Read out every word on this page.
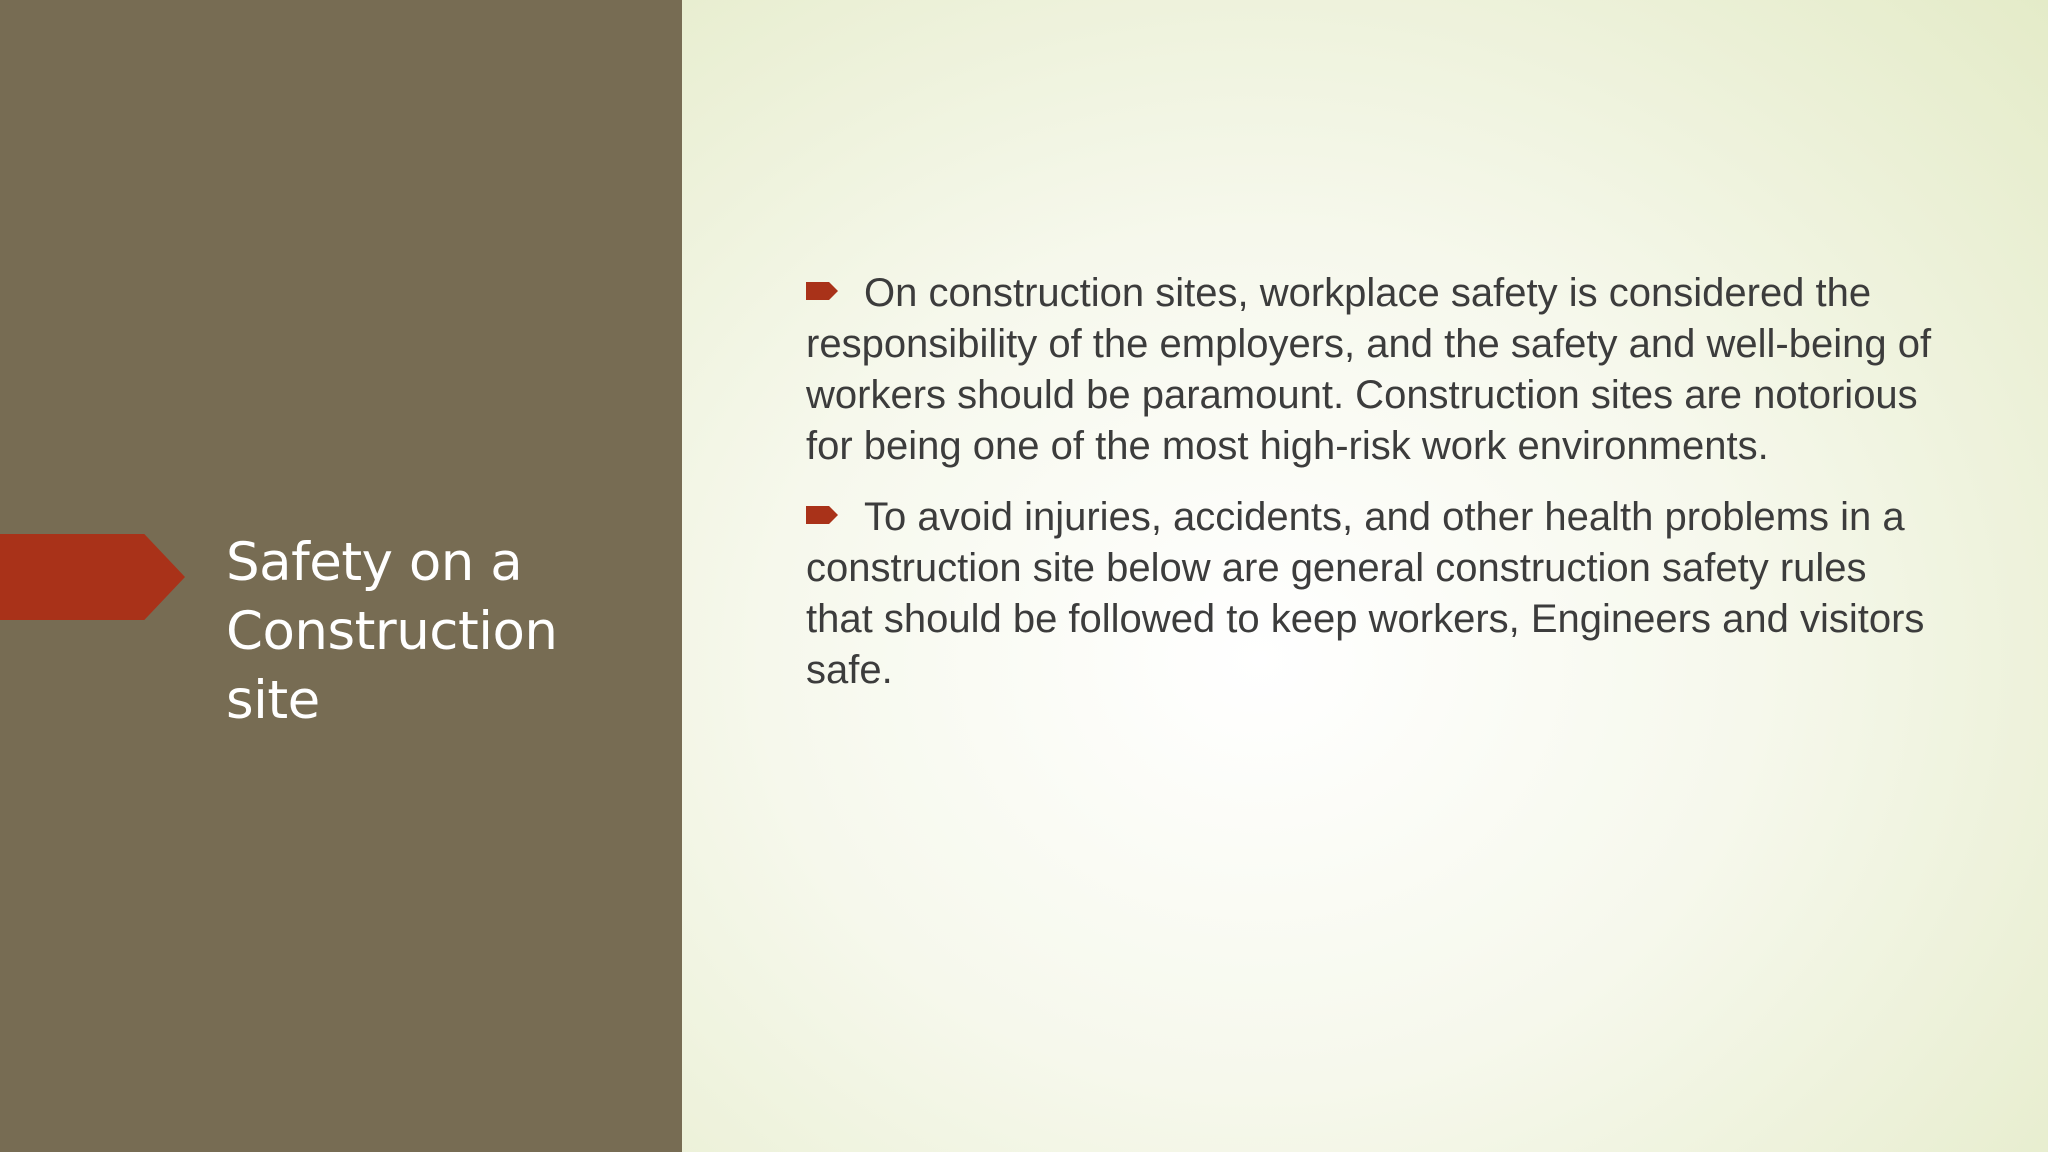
Safety on a Construction site

On construction sites, workplace safety is considered the responsibility of the employers, and the safety and well-being of workers should be paramount. Construction sites are notorious for being one of the most high-risk work environments.

To avoid injuries, accidents, and other health problems in a construction site below are general construction safety rules that should be followed to keep workers, Engineers and visitors safe.
